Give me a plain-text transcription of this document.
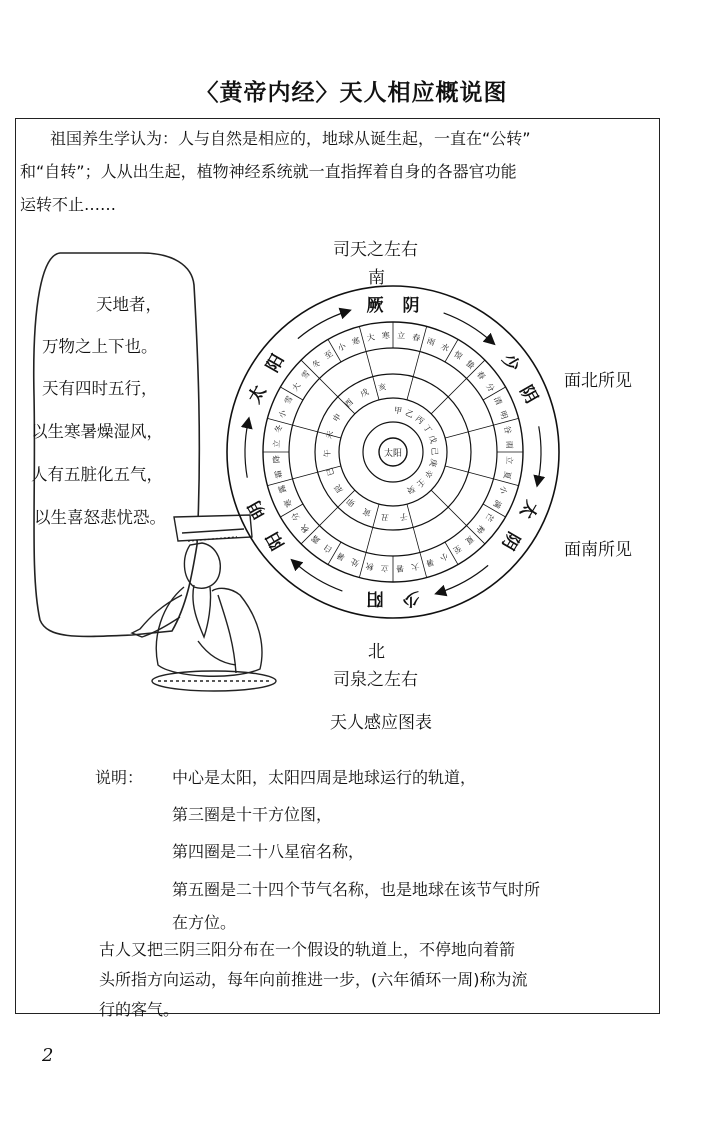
〈黄帝内经〉天人相应概说图
祖国养生学认为：人与自然是相应的，地球从诞生起，一直在“公转”
和“自转”；人从出生起，植物神经系统就一直指挥着自身的各器官功能
运转不止……
天地者，
万物之上下也。
天有四时五行，
以生寒暑燥湿风，
人有五脏化五气，
以生喜怒悲忧恐。
司天之左右
南
北
司泉之左右
面北所见
面南所见
天人感应图表
立 春 雨
水
惊
蛰
春
分
清
明
谷
雨
立
夏
小
满
芒
种
夏
至
小
暑
大
暑
立
秋
处
暑
白
露
秋
分
寒
露
霜
降
立
冬
小
雪
大
雪
冬
至
小 寒 大 寒
甲 乙
丙
丁
戊
己
庚
辛
壬
癸
子
丑
寅
卯
辰
巳
午
未
申
酉
戌 亥
厥 阴
少
阴
太
阴
少
阳
阳
明
太
阳
太阳
说明： 中心是太阳，太阳四周是地球运行的轨道，
第三圈是十干方位图，
第四圈是二十八星宿名称，
第五圈是二十四个节气名称，也是地球在该节气时所
在方位。
古人又把三阴三阳分布在一个假设的轨道上，不停地向着箭
头所指方向运动，每年向前推进一步，(六年循环一周)称为流
行的客气。
2
